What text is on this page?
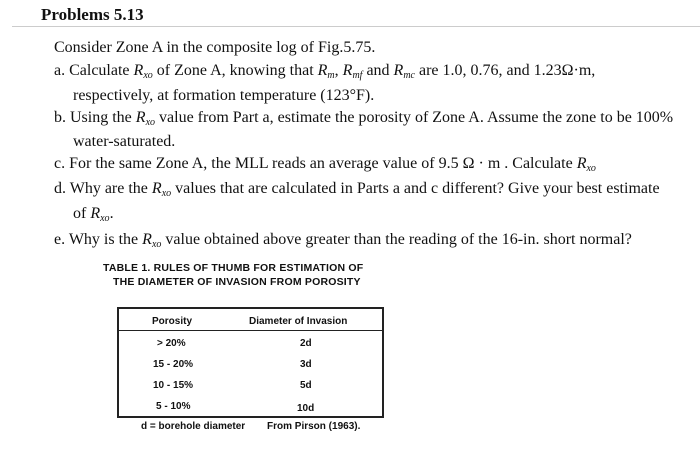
Problems 5.13
Consider Zone A in the composite log of Fig.5.75.
a. Calculate $R_{xo}$ of Zone A, knowing that $R_m$, $R_{mf}$ and $R_{mc}$ are 1.0, 0.76, and 1.23Ω·m,
respectively, at formation temperature (123°F).
b. Using the $R_{xo}$ value from Part a, estimate the porosity of Zone A. Assume the zone to be 100%
water-saturated.
c. For the same Zone A, the MLL reads an average value of 9.5 Ω · m . Calculate $R_{xo}$
d. Why are the $R_{xo}$ values that are calculated in Parts a and c different? Give your best estimate
of $R_{xo}$.
e. Why is the $R_{xo}$ value obtained above greater than the reading of the 16-in. short normal?
TABLE 1. RULES OF THUMB FOR ESTIMATION OF
THE DIAMETER OF INVASION FROM POROSITY
Porosity	Diameter of Invasion
> 20%	2d
15 - 20%	3d
10 - 15%	5d
5 - 10%	10d
d = borehole diameter From Pirson (1963).
